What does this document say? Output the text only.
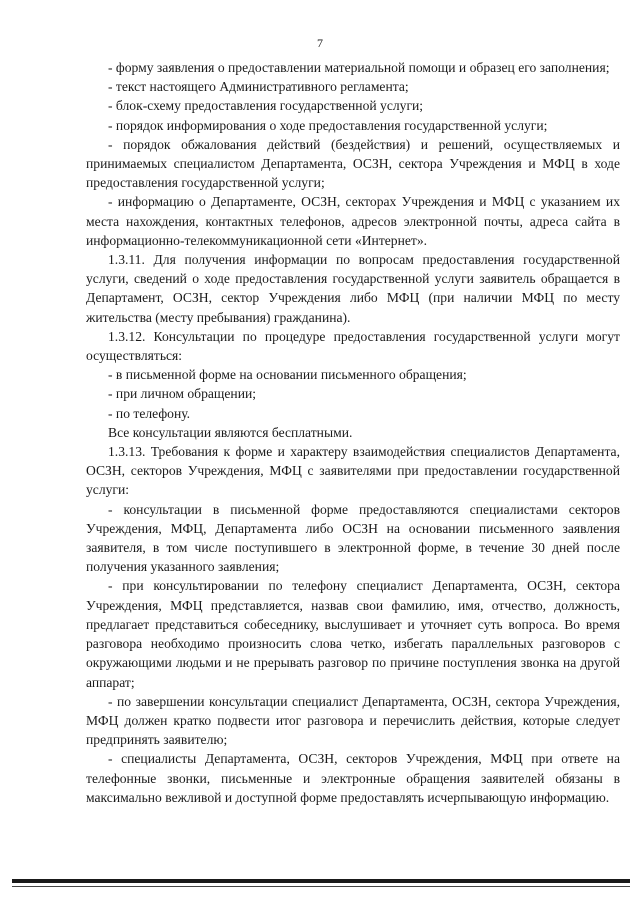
7

- форму заявления о предоставлении материальной помощи и образец его заполнения;

- текст настоящего Административного регламента;

- блок-схему предоставления государственной услуги;

- порядок информирования о ходе предоставления государственной услуги;

- порядок обжалования действий (бездействия) и решений, осуществляемых и принимаемых специалистом Департамента, ОСЗН, сектора Учреждения и МФЦ в ходе предоставления государственной услуги;

- информацию о Департаменте, ОСЗН, секторах Учреждения и МФЦ с указанием их места нахождения, контактных телефонов, адресов электронной почты, адреса сайта в информационно-телекоммуникационной сети «Интернет».

1.3.11. Для получения информации по вопросам предоставления государственной услуги, сведений о ходе предоставления государственной услуги заявитель обращается в Департамент, ОСЗН, сектор Учреждения либо МФЦ (при наличии МФЦ по месту жительства (месту пребывания) гражданина).

1.3.12. Консультации по процедуре предоставления государственной услуги могут осуществляться:

- в письменной форме на основании письменного обращения;

- при личном обращении;

- по телефону.

Все консультации являются бесплатными.

1.3.13. Требования к форме и характеру взаимодействия специалистов Департамента, ОСЗН, секторов Учреждения, МФЦ с заявителями при предоставлении государственной услуги:

- консультации в письменной форме предоставляются специалистами секторов Учреждения, МФЦ, Департамента либо ОСЗН на основании письменного заявления заявителя, в том числе поступившего в электронной форме, в течение 30 дней после получения указанного заявления;

- при консультировании по телефону специалист Департамента, ОСЗН, сектора Учреждения, МФЦ представляется, назвав свои фамилию, имя, отчество, должность, предлагает представиться собеседнику, выслушивает и уточняет суть вопроса. Во время разговора необходимо произносить слова четко, избегать параллельных разговоров с окружающими людьми и не прерывать разговор по причине поступления звонка на другой аппарат;

- по завершении консультации специалист Департамента, ОСЗН, сектора Учреждения, МФЦ должен кратко подвести итог разговора и перечислить действия, которые следует предпринять заявителю;

- специалисты Департамента, ОСЗН, секторов Учреждения, МФЦ при ответе на телефонные звонки, письменные и электронные обращения заявителей обязаны в максимально вежливой и доступной форме предоставлять исчерпывающую информацию.
